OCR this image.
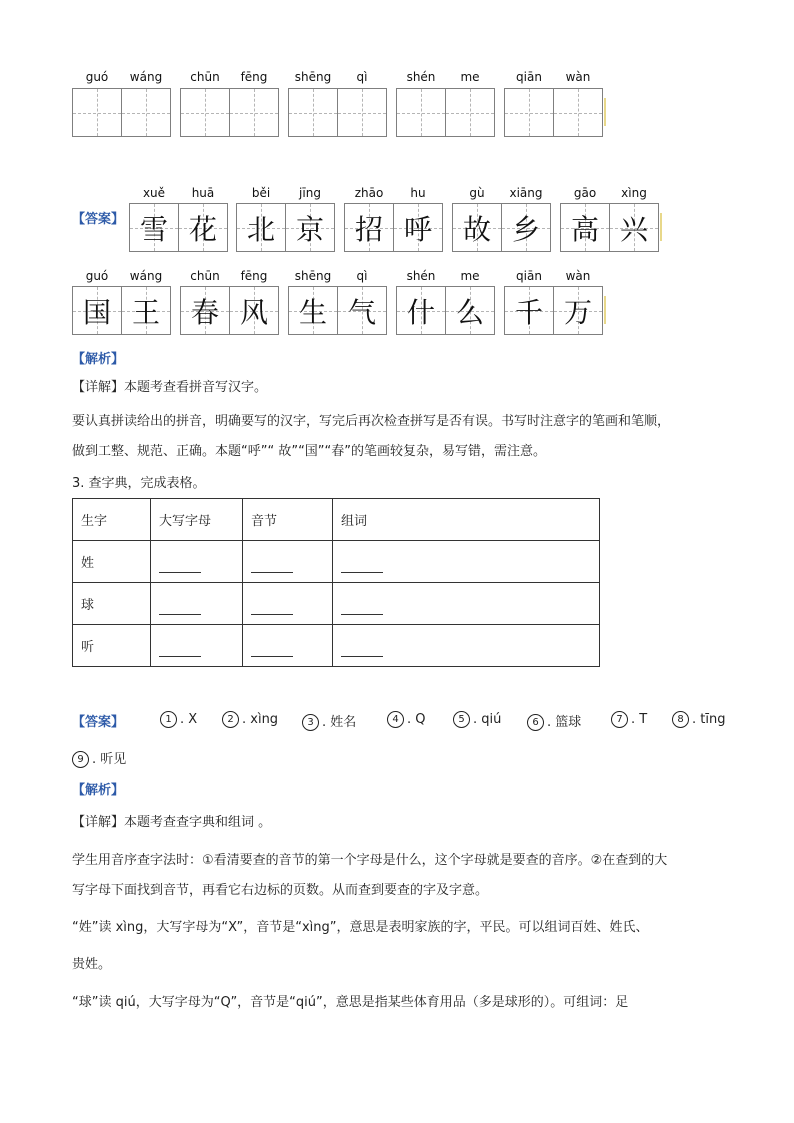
guó	wáng	chūn	fēng	shēng	qì	shén	me	qiān	wàn
【答案】
xuě	huā
雪 花
běi	jīng
北 京
zhāo	hu
招 呼
gù	xiāng
故 乡
gāo	xìng
高 兴
guó	wáng
国 王
chūn	fēng
春 风
shēng	qì
生 气
shén	me
什 么
qiān	wàn
千 万
【解析】
【详解】本题考查看拼音写汉字。
要认真拼读给出的拼音，明确要写的汉字，写完后再次检查拼写是否有误。书写时注意字的笔画和笔顺，
做到工整、规范、正确。本题“呼”“ 故”“国”“春”的笔画较复杂，易写错，需注意。
3. 查字典，完成表格。
生字	大写字母	音节	组词
姓			
球			
听			
【答案】	1 . X	2 . xìng	3 . 姓名	4 . Q	5 . qiú	6 . 篮球	7 . T	8 . tīng
9 . 听见
【解析】
【详解】本题考查查字典和组词 。
学生用音序查字法时：①看清要查的音节的第一个字母是什么，这个字母就是要查的音序。②在查到的大
写字母下面找到音节，再看它右边标的页数。从而查到要查的字及字意。
“姓”读 xìng，大写字母为“X”，音节是“xìng”，意思是表明家族的字，平民。可以组词百姓、姓氏、
贵姓。
“球”读 qiú，大写字母为“Q”，音节是“qiú”，意思是指某些体育用品（多是球形的）。可组词：足
